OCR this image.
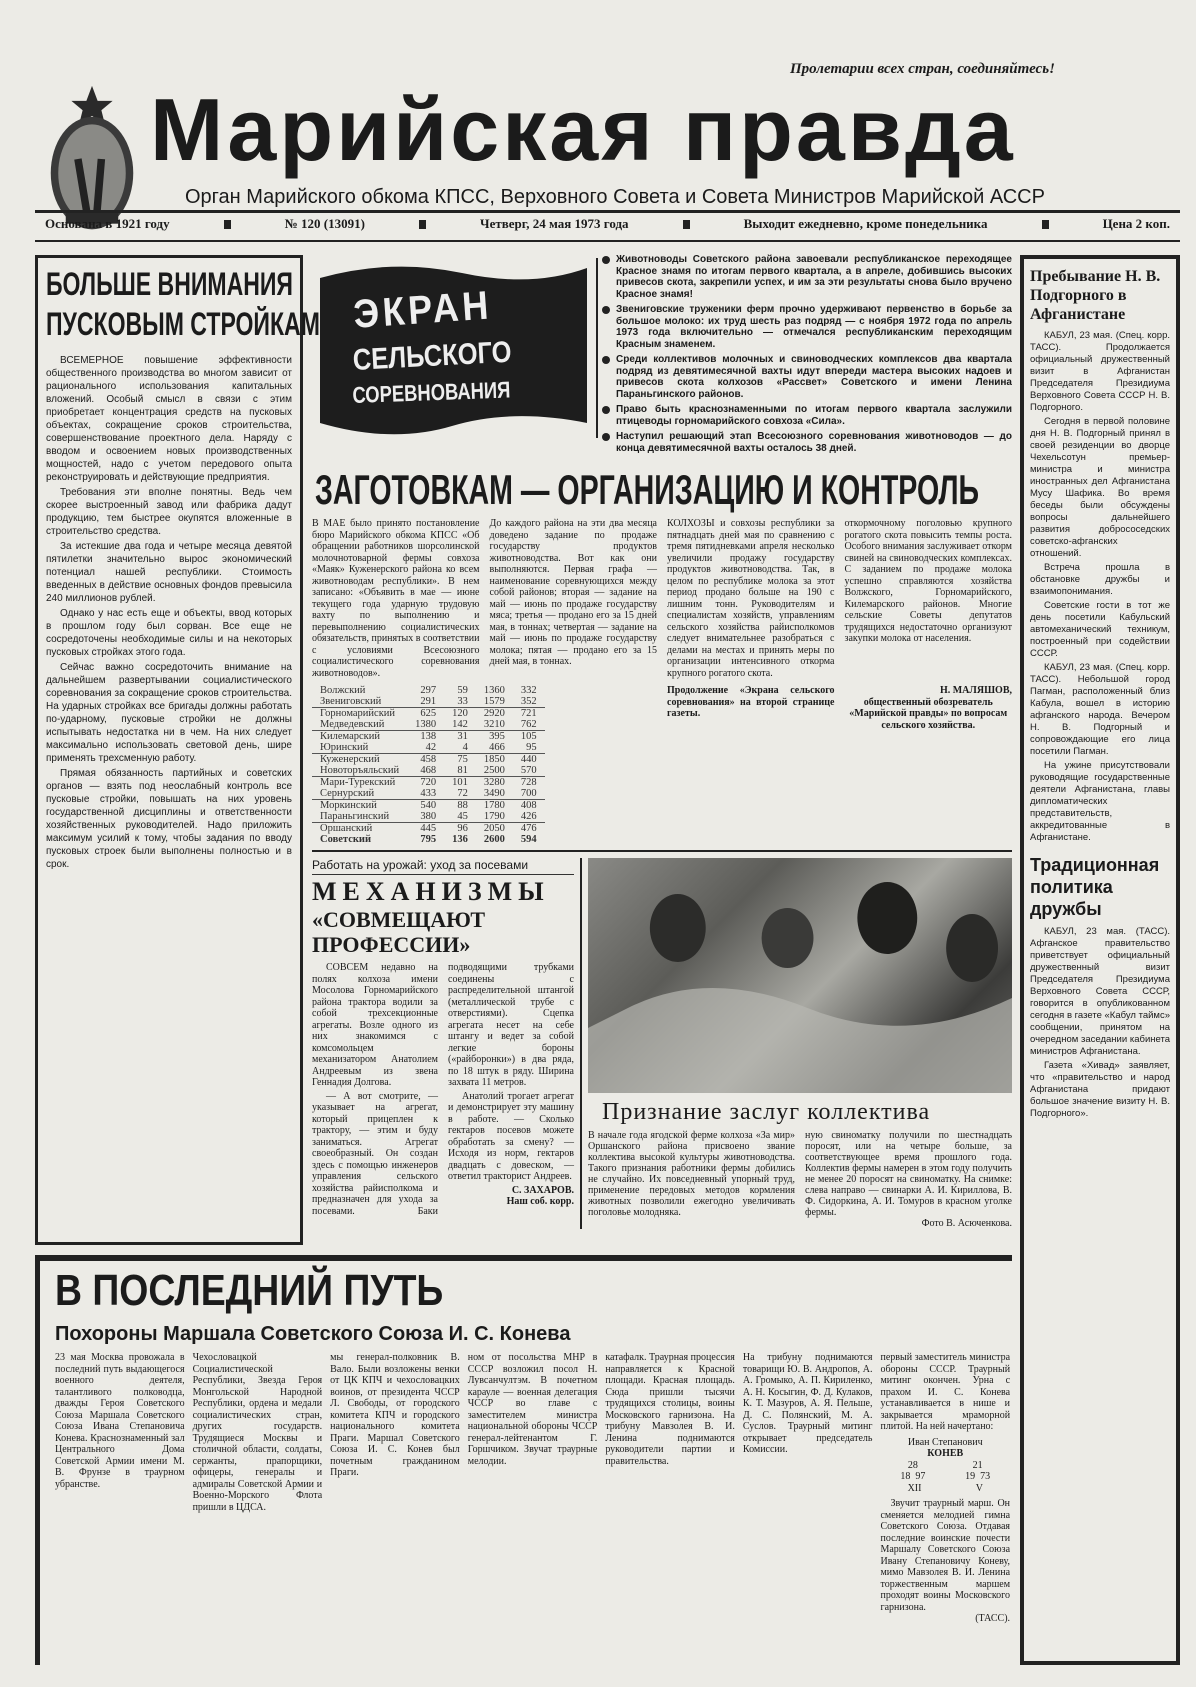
Пролетарии всех стран, соединяйтесь!
Марийская правда
Орган Марийского обкома КПСС, Верховного Совета и Совета Министров Марийской АССР
Основана в 1921 году	№ 120 (13091)	Четверг, 24 мая 1973 года	Выходит ежедневно, кроме понедельника	Цена 2 коп.
БОЛЬШЕ ВНИМАНИЯ
ПУСКОВЫМ СТРОЙКАМ

ВСЕМЕРНОЕ повышение эффективности общественного производства во многом зависит от рационального использования капитальных вложений. Особый смысл в связи с этим приобретает концентрация средств на пусковых объектах, сокращение сроков строительства, совершенствование проектного дела. Наряду с вводом и освоением новых производственных мощностей, надо с учетом передового опыта реконструировать и действующие предприятия.

Требования эти вполне понятны. Ведь чем скорее выстроенный завод или фабрика дадут продукцию, тем быстрее окупятся вложенные в строительство средства.

За истекшие два года и четыре месяца девятой пятилетки значительно вырос экономический потенциал нашей республики. Стоимость введенных в действие основных фондов превысила 240 миллионов рублей.

Однако у нас есть еще и объекты, ввод которых в прошлом году был сорван. Все еще не сосредоточены необходимые силы и на некоторых пусковых стройках этого года.

Сейчас важно сосредоточить внимание на дальнейшем развертывании социалистического соревнования за сокращение сроков строительства. На ударных стройках все бригады должны работать по-ударному, пусковые стройки не должны испытывать недостатка ни в чем. На них следует максимально использовать световой день, шире применять трехсменную работу.

Прямая обязанность партийных и советских органов — взять под неослабный контроль все пусковые стройки, повышать на них уровень государственной дисциплины и ответственности хозяйственных руководителей. Надо приложить максимум усилий к тому, чтобы задания по вводу пусковых строек были выполнены полностью и в срок.

ЭКРАН
СЕЛЬСКОГО
СОРЕВНОВАНИЯ
Животноводы Советского района завоевали республиканское переходящее Красное знамя по итогам первого квартала, а в апреле, добившись высоких привесов скота, закрепили успех, и им за эти результаты снова было вручено Красное знамя!
Звениговские труженики ферм прочно удерживают первенство в борьбе за большое молоко: их труд шесть раз подряд — с ноября 1972 года по апрель 1973 года включительно — отмечался республиканским переходящим Красным знаменем.
Среди коллективов молочных и свиноводческих комплексов два квартала подряд из девятимесячной вахты идут впереди мастера высоких надоев и привесов скота колхозов «Рассвет» Советского и имени Ленина Параньгинского районов.
Право быть краснознаменными по итогам первого квартала заслужили птицеводы горномарийского совхоза «Сила».
Наступил решающий этап Всесоюзного соревнования животноводов — до конца девятимесячной вахты осталось 38 дней.
ЗАГОТОВКАМ — ОРГАНИЗАЦИЮ И КОНТРОЛЬ
В МАЕ было принято постановление бюро Марийского обкома КПСС «Об обращении работников шорсолинской молочнотоварной фермы совхоза «Маяк» Куженерского района ко всем животноводам республики». В нем записано: «Объявить в мае — июне текущего года ударную трудовую вахту по выполнению и перевыполнению социалистических обязательств, принятых в соответствии с условиями Всесоюзного социалистического соревнования животноводов».
До каждого района на эти два месяца доведено задание по продаже государству продуктов животноводства. Вот как они выполняются. Первая графа — наименование соревнующихся между собой районов; вторая — задание на май — июнь по продаже государству мяса; третья — продано его за 15 дней мая, в тоннах; четвертая — задание на май — июнь по продаже государству молока; пятая — продано его за 15 дней мая, в тоннах.
КОЛХОЗЫ и совхозы республики за пятнадцать дней мая по сравнению с тремя пятидневками апреля несколько увеличили продажу государству продуктов животноводства. Так, в целом по республике молока за этот период продано больше на 190 с лишним тонн. Руководителям и специалистам хозяйств, управлениям сельского хозяйства райисполкомов следует внимательнее разобраться с делами на местах и принять меры по организации интенсивного откорма крупного рогатого скота.
откормочному поголовью крупного рогатого скота повысить темпы роста. Особого внимания заслуживает откорм свиней на свиноводческих комплексах. С заданием по продаже молока успешно справляются хозяйства Волжского, Горномарийского, Килемарского районов. Многие сельские Советы депутатов трудящихся недостаточно организуют закупки молока от населения.
Волжский	297	59	1360	332
Звениговский	291	33	1579	352
Горномарийский	625	120	2920	721
Медведевский	1380	142	3210	762
Килемарский	138	31	395	105
Юринский	42	4	466	95
Куженерский	458	75	1850	440
Новоторъяльский	468	81	2500	570
Мари-Турекский	720	101	3280	728
Сернурский	433	72	3490	700
Моркинский	540	88	1780	408
Параньгинский	380	45	1790	426
Оршанский	445	96	2050	476
Советский	795	136	2600	594
Продолжение «Экрана сельского соревнования» на второй странице газеты.
Н. МАЛЯШОВ,
общественный обозреватель «Марийской правды» по вопросам сельского хозяйства.
Работать на урожай: уход за посевами
МЕХАНИЗМЫ
«СОВМЕЩАЮТ ПРОФЕССИИ»

СОВСЕМ недавно на полях колхоза имени Мосолова Горномарийского района трактора водили за собой трехсекционные агрегаты. Возле одного из них знакомимся с комсомольцем механизатором Анатолием Андреевым из звена Геннадия Долгова.

— А вот смотрите, — указывает на агрегат, который прицеплен к трактору, — этим и буду заниматься. Агрегат своеобразный. Он создан здесь с помощью инженеров управления сельского хозяйства райисполкома и предназначен для ухода за посевами. Баки подводящими трубками соединены с распределительной штангой (металлической трубе с отверстиями). Сцепка агрегата несет на себе штангу и ведет за собой легкие бороны («райборонки») в два ряда, по 18 штук в ряду. Ширина захвата 11 метров.

Анатолий трогает агрегат и демонстрирует эту машину в работе. — Сколько гектаров посевов можете обработать за смену? — Исходя из норм, гектаров двадцать с довеском, — ответил тракторист Андреев.

С. ЗАХАРОВ.
Наш соб. корр.
Признание заслуг коллектива
В начале года ягодской ферме колхоза «За мир» Оршанского района присвоено звание коллектива высокой культуры животноводства. Такого признания работники фермы добились не случайно. Их повседневный упорный труд, применение передовых методов кормления животных позволили ежегодно увеличивать поголовье молодняка.
ную свиноматку получили по шестнадцать поросят, или на четыре больше, за соответствующее время прошлого года. Коллектив фермы намерен в этом году получить не менее 20 поросят на свиноматку. На снимке: слева направо — свинарки А. И. Кириллова, В. Ф. Сидоркина, А. И. Томуров в красном уголке фермы.
Фото В. Асюченкова.
Пребывание Н. В. Подгорного в Афганистане

КАБУЛ, 23 мая. (Спец. корр. ТАСС). Продолжается официальный дружественный визит в Афганистан Председателя Президиума Верховного Совета СССР Н. В. Подгорного.

Сегодня в первой половине дня Н. В. Подгорный принял в своей резиденции во дворце Чехельсотун премьер-министра и министра иностранных дел Афганистана Мусу Шафика. Во время беседы были обсуждены вопросы дальнейшего развития добрососедских советско-афганских отношений.

Встреча прошла в обстановке дружбы и взаимопонимания.

Советские гости в тот же день посетили Кабульский автомеханический техникум, построенный при содействии СССР.

КАБУЛ, 23 мая. (Спец. корр. ТАСС). Небольшой город Пагман, расположенный близ Кабула, вошел в историю афганского народа. Вечером Н. В. Подгорный и сопровождающие его лица посетили Пагман.

На ужине присутствовали руководящие государственные деятели Афганистана, главы дипломатических представительств, аккредитованные в Афганистане.

Традиционная политика дружбы

КАБУЛ, 23 мая. (ТАСС). Афганское правительство приветствует официальный дружественный визит Председателя Президиума Верховного Совета СССР, говорится в опубликованном сегодня в газете «Кабул таймс» сообщении, принятом на очередном заседании кабинета министров Афганистана.

Газета «Хивад» заявляет, что «правительство и народ Афганистана придают большое значение визиту Н. В. Подгорного».

В ПОСЛЕДНИЙ ПУТЬ
Похороны Маршала Советского Союза И. С. Конева
23 мая Москва провожала в последний путь выдающегося военного деятеля, талантливого полководца, дважды Героя Советского Союза Маршала Советского Союза Ивана Степановича Конева. Краснознаменный зал Центрального Дома Советской Армии имени М. В. Фрунзе в траурном убранстве.
Чехословацкой Социалистической Республики, Звезда Героя Монгольской Народной Республики, ордена и медали социалистических стран, других государств. Трудящиеся Москвы и столичной области, солдаты, сержанты, прапорщики, офицеры, генералы и адмиралы Советской Армии и Военно-Морского Флота пришли в ЦДСА.
мы генерал-полковник В. Вало. Были возложены венки от ЦК КПЧ и чехословацких воинов, от президента ЧССР Л. Свободы, от городского комитета КПЧ и городского национального комитета Праги. Маршал Советского Союза И. С. Конев был почетным гражданином Праги.
ном от посольства МНР в СССР возложил посол Н. Лувсанчултэм. В почетном карауле — военная делегация ЧССР во главе с заместителем министра национальной обороны ЧССР генерал-лейтенантом Г. Горшчиком. Звучат траурные мелодии.
катафалк. Траурная процессия направляется к Красной площади. Красная площадь. Сюда пришли тысячи трудящихся столицы, воины Московского гарнизона. На трибуну Мавзолея В. И. Ленина поднимаются руководители партии и правительства.
На трибуну поднимаются товарищи Ю. В. Андропов, А. А. Громыко, А. П. Кириленко, А. Н. Косыгин, Ф. Д. Кулаков, К. Т. Мазуров, А. Я. Пельше, Д. С. Полянский, М. А. Суслов. Траурный митинг открывает председатель Комиссии.
первый заместитель министра обороны СССР. Траурный митинг окончен. Урна с прахом И. С. Конева устанавливается в нише и закрывается мраморной плитой. На ней начертано:
Иван Степанович
КОНЕВ
28	21
18 97	19 73
XII	V
Звучит траурный марш. Он сменяется мелодией гимна Советского Союза. Отдавая последние воинские почести Маршалу Советского Союза Ивану Степановичу Коневу, мимо Мавзолея В. И. Ленина торжественным маршем проходят воины Московского гарнизона.
(ТАСС).
